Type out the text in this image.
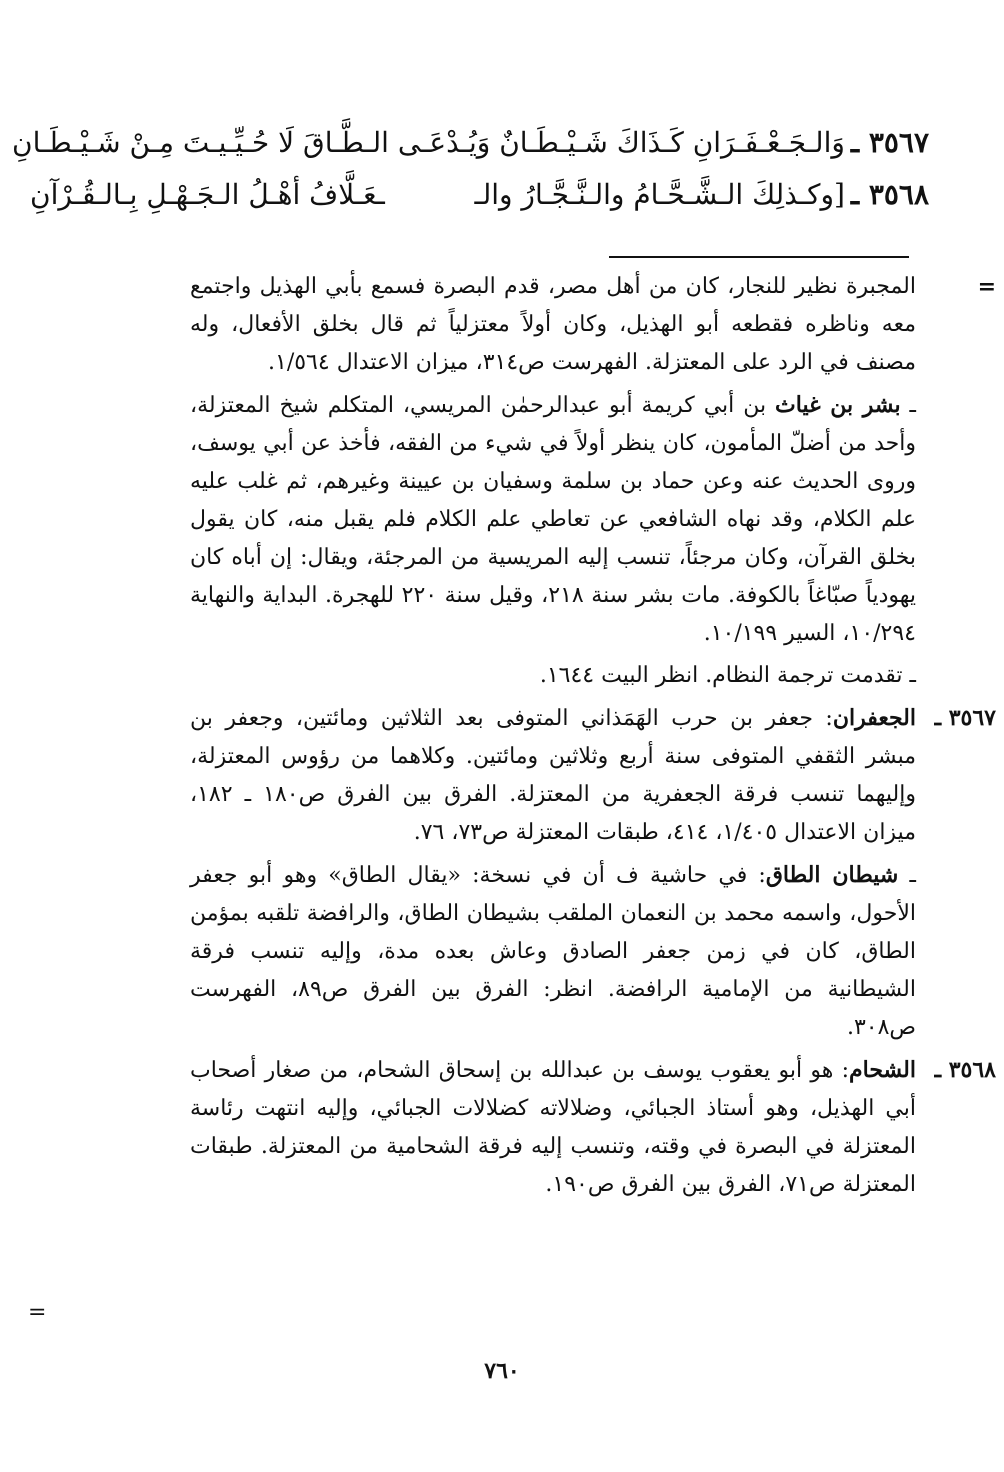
٣٥٦٧ ـ
وَالـجَـعْـفَـرَانِ كَـذَاكَ شَـيْـطَـانٌ وَيُـدْ
عَـى الـطَّـاقَ لَا حُـيِّـيـتَ مِـنْ شَـيْـطَـانِ
٣٥٦٨ ـ
[وكـذلِكَ الـشَّـحَّـامُ والـنَّـجَّـارُ والـ
ـعَـلَّافُ أهْـلُ الـجَـهْـلِ بِـالـقُـرْآنِ

=
المجبرة نظير للنجار، كان من أهل مصر، قدم البصرة فسمع بأبي الهذيل واجتمع معه وناظره فقطعه أبو الهذيل، وكان أولاً معتزلياً ثم قال بخلق الأفعال، وله مصنف في الرد على المعتزلة. الفهرست ص٣١٤، ميزان الاعتدال ١/٥٦٤.

ـ بشر بن غياث بن أبي كريمة أبو عبدالرحمٰن المريسي، المتكلم شيخ المعتزلة، وأحد من أضلّ المأمون، كان ينظر أولاً في شيء من الفقه، فأخذ عن أبي يوسف، وروى الحديث عنه وعن حماد بن سلمة وسفيان بن عيينة وغيرهم، ثم غلب عليه علم الكلام، وقد نهاه الشافعي عن تعاطي علم الكلام فلم يقبل منه، كان يقول بخلق القرآن، وكان مرجئاً، تنسب إليه المريسية من المرجئة، ويقال: إن أباه كان يهودياً صبّاغاً بالكوفة. مات بشر سنة ٢١٨، وقيل سنة ٢٢٠ للهجرة. البداية والنهاية ١٠/٢٩٤، السير ١٠/١٩٩.

ـ تقدمت ترجمة النظام. انظر البيت ١٦٤٤.

٣٥٦٧ ـ
الجعفران: جعفر بن حرب الهَمَذاني المتوفى بعد الثلاثين ومائتين، وجعفر بن مبشر الثقفي المتوفى سنة أربع وثلاثين ومائتين. وكلاهما من رؤوس المعتزلة، وإليهما تنسب فرقة الجعفرية من المعتزلة. الفرق بين الفرق ص١٨٠ ـ ١٨٢، ميزان الاعتدال ١/٤٠٥، ٤١٤، طبقات المعتزلة ص٧٣، ٧٦.

ـ شيطان الطاق: في حاشية ف أن في نسخة: «يقال الطاق» وهو أبو جعفر الأحول، واسمه محمد بن النعمان الملقب بشيطان الطاق، والرافضة تلقبه بمؤمن الطاق، كان في زمن جعفر الصادق وعاش بعده مدة، وإليه تنسب فرقة الشيطانية من الإمامية الرافضة. انظر: الفرق بين الفرق ص٨٩، الفهرست ص٣٠٨.

٣٥٦٨ ـ
الشحام: هو أبو يعقوب يوسف بن عبدالله بن إسحاق الشحام، من صغار أصحاب أبي الهذيل، وهو أستاذ الجبائي، وضلالاته كضلالات الجبائي، وإليه انتهت رئاسة المعتزلة في البصرة في وقته، وتنسب إليه فرقة الشحامية من المعتزلة. طبقات المعتزلة ص٧١، الفرق بين الفرق ص١٩٠.

=
٧٦٠
